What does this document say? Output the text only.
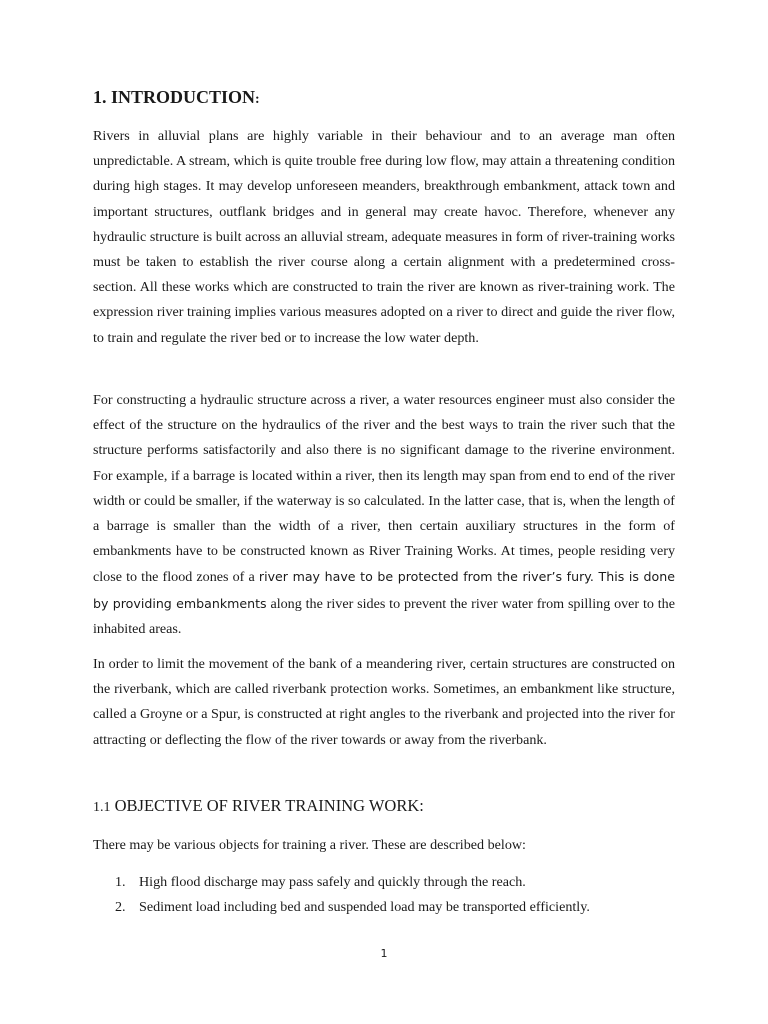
1. INTRODUCTION:

Rivers in alluvial plans are highly variable in their behaviour and to an average man often unpredictable. A stream, which is quite trouble free during low flow, may attain a threatening condition during high stages. It may develop unforeseen meanders, breakthrough embankment, attack town and important structures, outflank bridges and in general may create havoc. Therefore, whenever any hydraulic structure is built across an alluvial stream, adequate measures in form of river-training works must be taken to establish the river course along a certain alignment with a predetermined cross-section. All these works which are constructed to train the river are known as river-training work. The expression river training implies various measures adopted on a river to direct and guide the river flow, to train and regulate the river bed or to increase the low water depth.

For constructing a hydraulic structure across a river, a water resources engineer must also consider the effect of the structure on the hydraulics of the river and the best ways to train the river such that the structure performs satisfactorily and also there is no significant damage to the riverine environment. For example, if a barrage is located within a river, then its length may span from end to end of the river width or could be smaller, if the waterway is so calculated. In the latter case, that is, when the length of a barrage is smaller than the width of a river, then certain auxiliary structures in the form of embankments have to be constructed known as River Training Works. At times, people residing very close to the flood zones of a river may have to be protected from the river’s fury. This is done by providing embankments along the river sides to prevent the river water from spilling over to the inhabited areas.

In order to limit the movement of the bank of a meandering river, certain structures are constructed on the riverbank, which are called riverbank protection works. Sometimes, an embankment like structure, called a Groyne or a Spur, is constructed at right angles to the riverbank and projected into the river for attracting or deflecting the flow of the river towards or away from the riverbank.

1.1 OBJECTIVE OF RIVER TRAINING WORK:

There may be various objects for training a river. These are described below:

1. High flood discharge may pass safely and quickly through the reach.
2. Sediment load including bed and suspended load may be transported efficiently.
1
